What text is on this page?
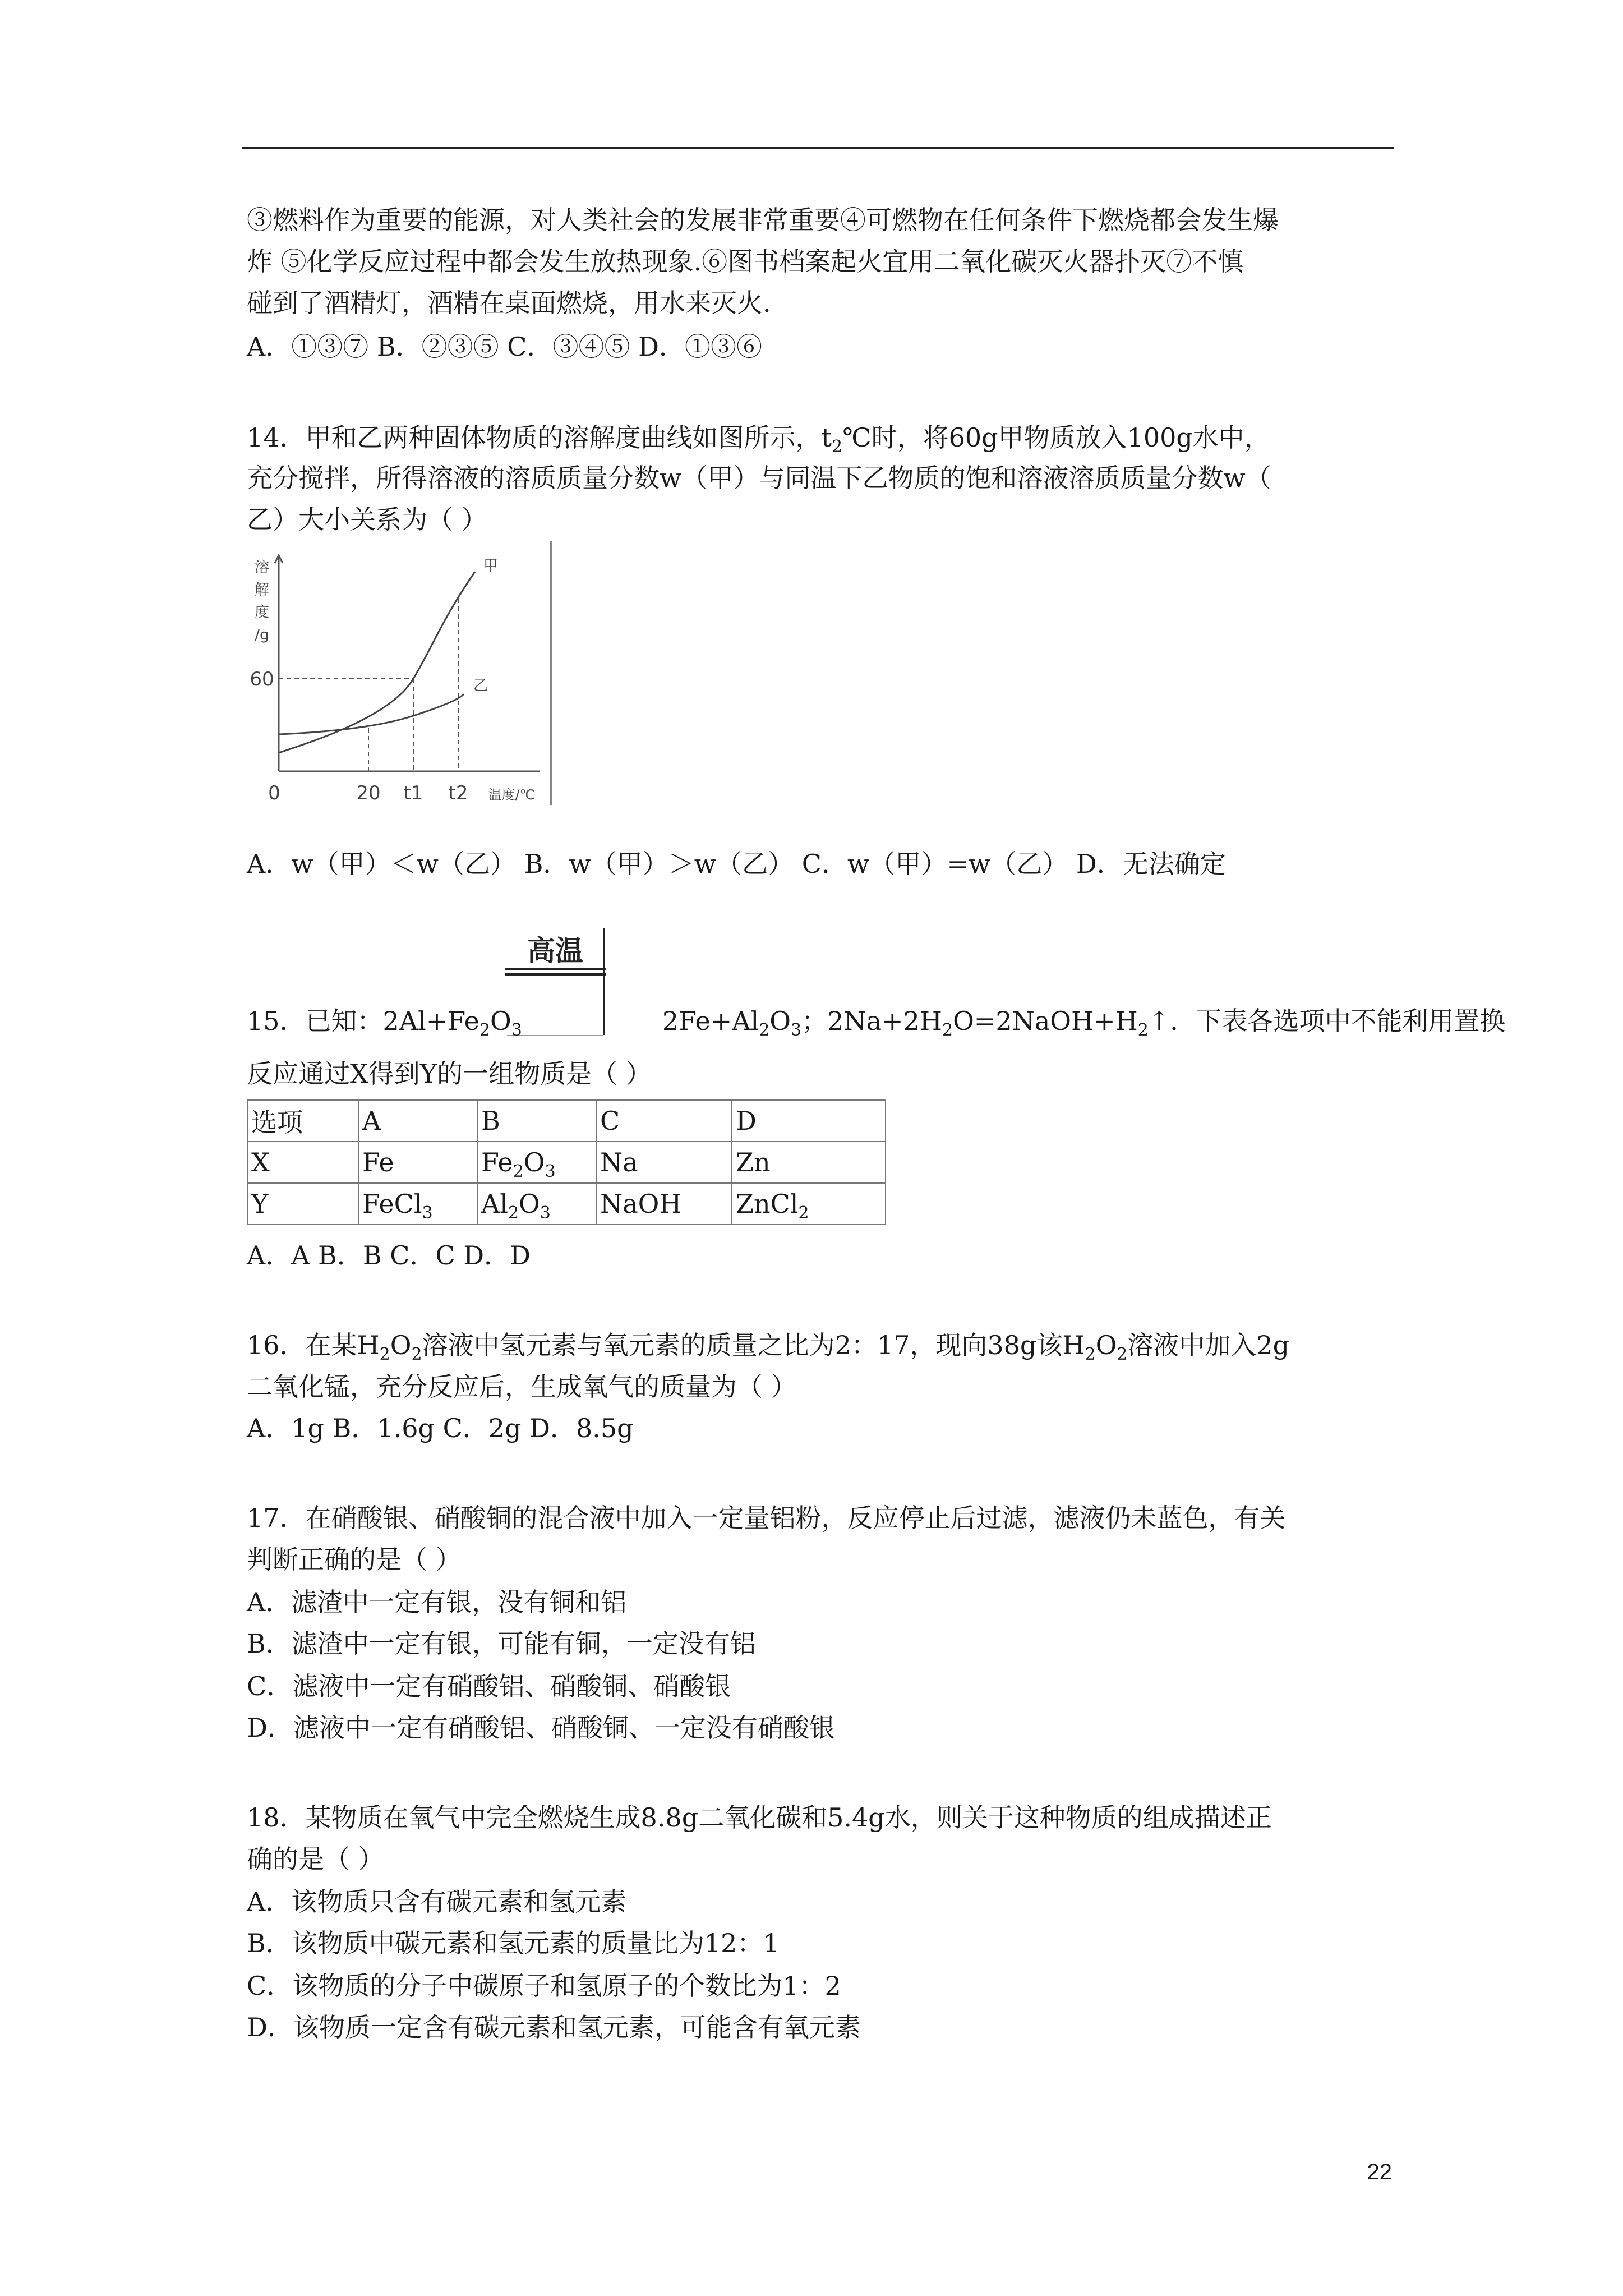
③燃料作为重要的能源，对人类社会的发展非常重要④可燃物在任何条件下燃烧都会发生爆
炸 ⑤化学反应过程中都会发生放热现象.⑥图书档案起火宜用二氧化碳灭火器扑灭⑦不慎
碰到了酒精灯，酒精在桌面燃烧，用水来灭火.
A．①③⑦ B．②③⑤ C．③④⑤ D．①③⑥
14．甲和乙两种固体物质的溶解度曲线如图所示，$t_2℃$时，将60g甲物质放入100g水中，
充分搅拌，所得溶液的溶质质量分数w（甲）与同温下乙物质的饱和溶液溶质质量分数w（
乙）大小关系为（ ）
0	20 t1 t2
60
温度/℃
溶
解
度
/g
甲
乙
A．w（甲）＜w（乙） B．w（甲）＞w（乙） C．w（甲）=w（乙） D．无法确定
高温
15．已知：$2Al+Fe_2O_3$	$2Fe+Al_2O_3$；$2Na+2H_2O=2NaOH+H_2↑$．下表各选项中不能利用置换
反应通过X得到Y的一组物质是（ ）
选项	A	B	C	D
X	Fe	$Fe_2O_3$	Na	Zn
Y	FeCl$_3$	$Al_2O_3$	NaOH	ZnCl$_2$
A．A B．B C．C D．D
16．在某$H_2O_2$溶液中氢元素与氧元素的质量之比为2：17，现向38g该$H_2O_2$溶液中加入2g
二氧化锰，充分反应后，生成氧气的质量为（ ）
A．1g B．1.6g C．2g D．8.5g
17．在硝酸银、硝酸铜的混合液中加入一定量铝粉，反应停止后过滤，滤液仍未蓝色，有关
判断正确的是（ ）
A．滤渣中一定有银，没有铜和铝
B．滤渣中一定有银，可能有铜，一定没有铝
C．滤液中一定有硝酸铝、硝酸铜、硝酸银
D．滤液中一定有硝酸铝、硝酸铜、一定没有硝酸银
18．某物质在氧气中完全燃烧生成8.8g二氧化碳和5.4g水，则关于这种物质的组成描述正
确的是（ ）
A．该物质只含有碳元素和氢元素
B．该物质中碳元素和氢元素的质量比为12：1
C．该物质的分子中碳原子和氢原子的个数比为1：2
D．该物质一定含有碳元素和氢元素，可能含有氧元素
22
